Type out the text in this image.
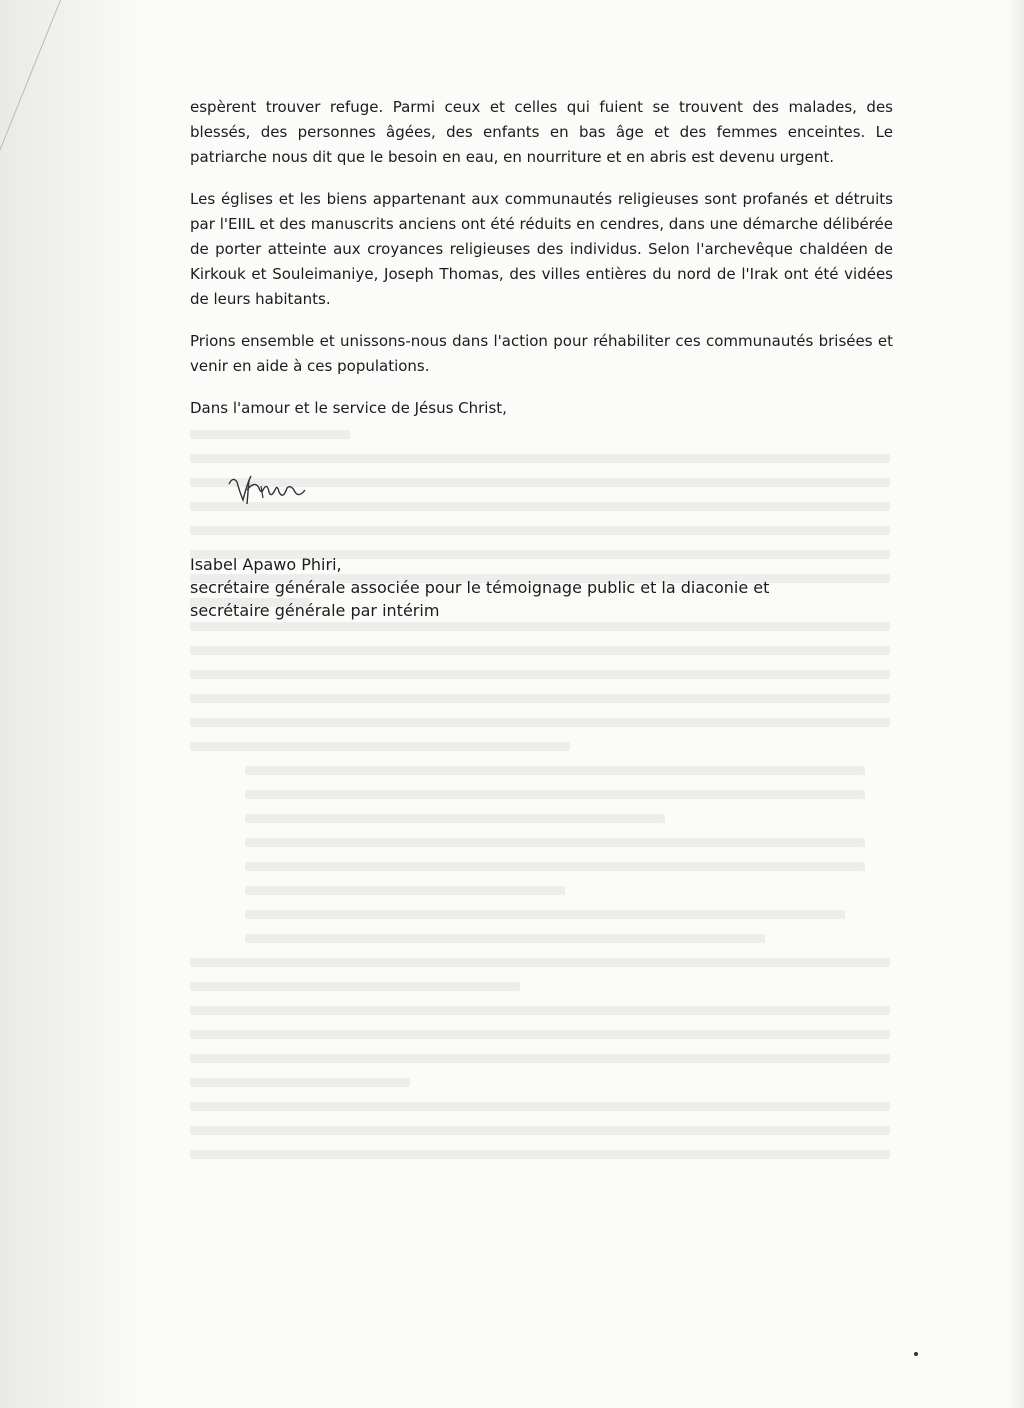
espèrent trouver refuge. Parmi ceux et celles qui fuient se trouvent des malades, des blessés, des personnes âgées, des enfants en bas âge et des femmes enceintes. Le patriarche nous dit que le besoin en eau, en nourriture et en abris est devenu urgent.

Les églises et les biens appartenant aux communautés religieuses sont profanés et détruits par l'EIIL et des manuscrits anciens ont été réduits en cendres, dans une démarche délibérée de porter atteinte aux croyances religieuses des individus. Selon l'archevêque chaldéen de Kirkouk et Souleimaniye, Joseph Thomas, des villes entières du nord de l'Irak ont été vidées de leurs habitants.

Prions ensemble et unissons-nous dans l'action pour réhabiliter ces communautés brisées et venir en aide à ces populations.

Dans l'amour et le service de Jésus Christ,

Isabel Apawo Phiri,
secrétaire générale associée pour le témoignage public et la diaconie et
secrétaire générale par intérim
